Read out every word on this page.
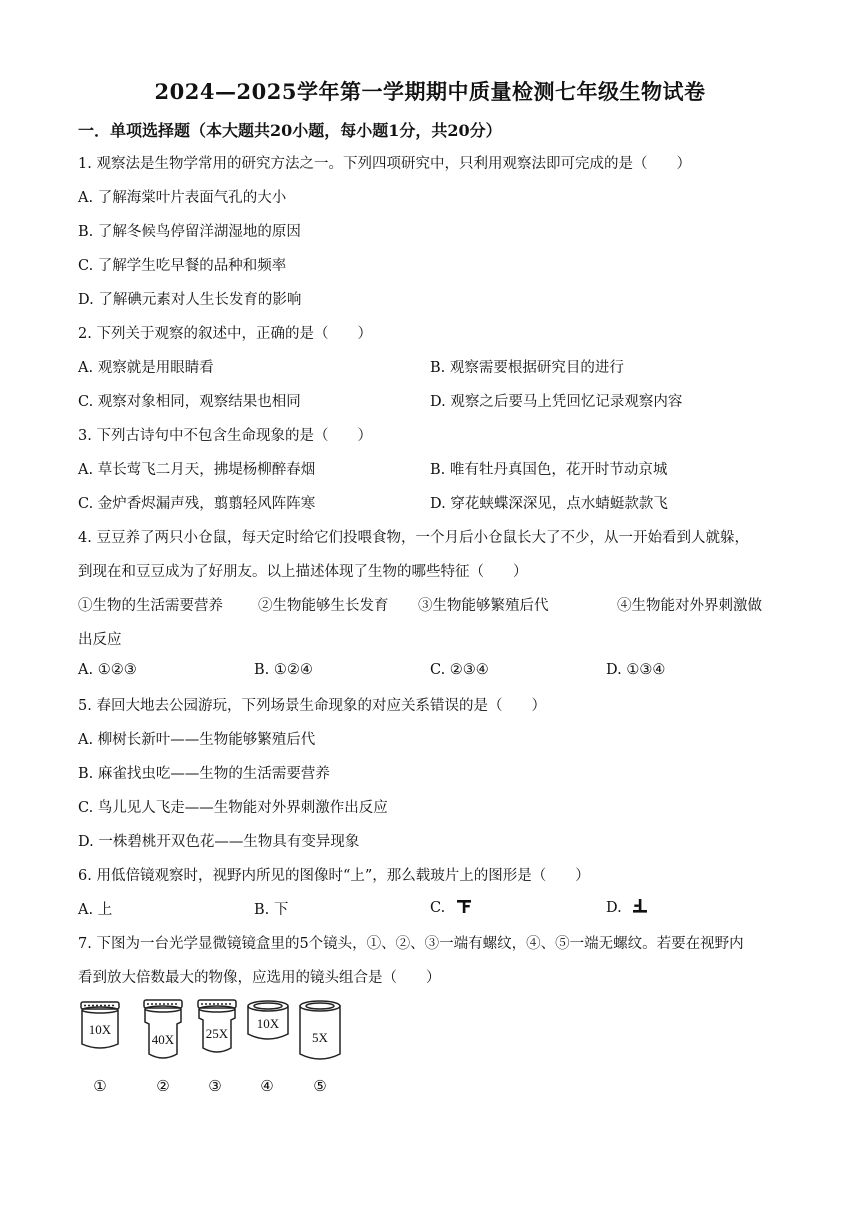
2024—2025学年第一学期期中质量检测七年级生物试卷
一．单项选择题（本大题共20小题，每小题1分，共20分）
1. 观察法是生物学常用的研究方法之一。下列四项研究中，只利用观察法即可完成的是（　　）
A. 了解海棠叶片表面气孔的大小
B. 了解冬候鸟停留洋湖湿地的原因
C. 了解学生吃早餐的品种和频率
D. 了解碘元素对人生长发育的影响
2. 下列关于观察的叙述中，正确的是（　　）
A. 观察就是用眼睛看	B. 观察需要根据研究目的进行
C. 观察对象相同，观察结果也相同	D. 观察之后要马上凭回忆记录观察内容
3. 下列古诗句中不包含生命现象的是（　　）
A. 草长莺飞二月天，拂堤杨柳醉春烟	B. 唯有牡丹真国色，花开时节动京城
C. 金炉香烬漏声残，翦翦轻风阵阵寒	D. 穿花蛱蝶深深见，点水蜻蜓款款飞
4. 豆豆养了两只小仓鼠，每天定时给它们投喂食物，一个月后小仓鼠长大了不少，从一开始看到人就躲，
到现在和豆豆成为了好朋友。以上描述体现了生物的哪些特征（　　）
①生物的生活需要营养 ②生物能够生长发育 ③生物能够繁殖后代	④生物能对外界刺激做
出反应
A. ①②③	B. ①②④	C. ②③④	D. ①③④
5. 春回大地去公园游玩，下列场景生命现象的对应关系错误的是（　　）
A. 柳树长新叶——生物能够繁殖后代
B. 麻雀找虫吃——生物的生活需要营养
C. 鸟儿见人飞走——生物能对外界刺激作出反应
D. 一株碧桃开双色花——生物具有变异现象
6. 用低倍镜观察时，视野内所见的图像时“上”，那么载玻片上的图形是（　　）
A. 上	B. 下	C.	D.
7. 下图为一台光学显微镜镜盒里的5个镜头，①、②、③一端有螺纹，④、⑤一端无螺纹。若要在视野内
看到放大倍数最大的物像，应选用的镜头组合是（　　）
10X
40X 25X
10X
5X
①	②	③	④	⑤
